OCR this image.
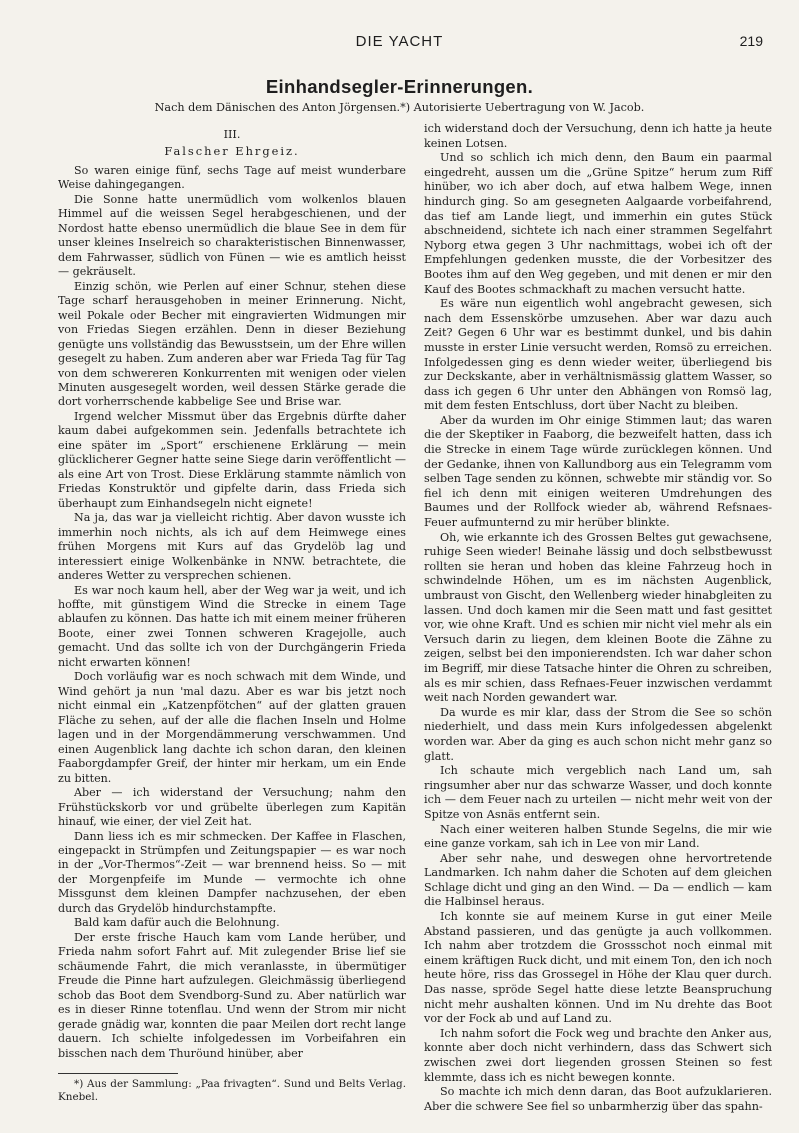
DIE YACHT	219
Einhandsegler-Erinnerungen.
Nach dem Dänischen des Anton Jörgensen.*) Autorisierte Uebertragung von W. Jacob.
III.
Falscher Ehrgeiz.

So waren einige fünf, sechs Tage auf meist wunderbare Weise dahingegangen.

Die Sonne hatte unermüdlich vom wolkenlos blauen Himmel auf die weissen Segel herabgeschienen, und der Nordost hatte ebenso unermüdlich die blaue See in dem für unser kleines Inselreich so charakteristischen Binnenwasser, dem Fahrwasser, südlich von Fünen — wie es amtlich heisst — gekräuselt.

Einzig schön, wie Perlen auf einer Schnur, stehen diese Tage scharf herausgehoben in meiner Erinnerung. Nicht, weil Pokale oder Becher mit eingravierten Widmungen mir von Friedas Siegen erzählen. Denn in dieser Beziehung genügte uns vollständig das Bewusstsein, um der Ehre willen gesegelt zu haben. Zum anderen aber war Frieda Tag für Tag von dem schwereren Konkurrenten mit wenigen oder vielen Minuten ausgesegelt worden, weil dessen Stärke gerade die dort vorherrschende kabbelige See und Brise war.

Irgend welcher Missmut über das Ergebnis dürfte daher kaum dabei aufgekommen sein. Jedenfalls betrachtete ich eine später im „Sport“ erschienene Erklärung — mein glücklicherer Gegner hatte seine Siege darin veröffentlicht — als eine Art von Trost. Diese Erklärung stammte nämlich von Friedas Konstruktör und gipfelte darin, dass Frieda sich überhaupt zum Einhandsegeln nicht eignete!

Na ja, das war ja vielleicht richtig. Aber davon wusste ich immerhin noch nichts, als ich auf dem Heimwege eines frühen Morgens mit Kurs auf das Grydelöb lag und interessiert einige Wolkenbänke in NNW. betrachtete, die anderes Wetter zu versprechen schienen.

Es war noch kaum hell, aber der Weg war ja weit, und ich hoffte, mit günstigem Wind die Strecke in einem Tage ablaufen zu können. Das hatte ich mit einem meiner früheren Boote, einer zwei Tonnen schweren Kragejolle, auch gemacht. Und das sollte ich von der Durchgängerin Frieda nicht erwarten können!

Doch vorläufig war es noch schwach mit dem Winde, und Wind gehört ja nun 'mal dazu. Aber es war bis jetzt noch nicht einmal ein „Katzenpfötchen“ auf der glatten grauen Fläche zu sehen, auf der alle die flachen Inseln und Holme lagen und in der Morgendämmerung verschwammen. Und einen Augenblick lang dachte ich schon daran, den kleinen Faaborgdampfer Greif, der hinter mir herkam, um ein Ende zu bitten.

Aber — ich widerstand der Versuchung; nahm den Frühstückskorb vor und grübelte überlegen zum Kapitän hinauf, wie einer, der viel Zeit hat.

Dann liess ich es mir schmecken. Der Kaffee in Flaschen, eingepackt in Strümpfen und Zeitungspapier — es war noch in der „Vor-Thermos“-Zeit — war brennend heiss. So — mit der Morgenpfeife im Munde — vermochte ich ohne Missgunst dem kleinen Dampfer nachzusehen, der eben durch das Grydelöb hindurchstampfte.

Bald kam dafür auch die Belohnung.

Der erste frische Hauch kam vom Lande herüber, und Frieda nahm sofort Fahrt auf. Mit zulegender Brise lief sie schäumende Fahrt, die mich veranlasste, in übermütiger Freude die Pinne hart aufzulegen. Gleichmässig überliegend schob das Boot dem Svendborg-Sund zu. Aber natürlich war es in dieser Rinne totenflau. Und wenn der Strom mir nicht gerade gnädig war, konnten die paar Meilen dort recht lange dauern. Ich schielte infolgedessen im Vorbeifahren ein bisschen nach dem Thuröund hinüber, aber

*) Aus der Sammlung: „Paa frivagten“. Sund und Belts Verlag. Knebel.

ich widerstand doch der Versuchung, denn ich hatte ja heute keinen Lotsen.

Und so schlich ich mich denn, den Baum ein paarmal eingedreht, aussen um die „Grüne Spitze“ herum zum Riff hinüber, wo ich aber doch, auf etwa halbem Wege, innen hindurch ging. So am gesegneten Aalgaarde vorbeifahrend, das tief am Lande liegt, und immerhin ein gutes Stück abschneidend, sichtete ich nach einer strammen Segelfahrt Nyborg etwa gegen 3 Uhr nachmittags, wobei ich oft der Empfehlungen gedenken musste, die der Vorbesitzer des Bootes ihm auf den Weg gegeben, und mit denen er mir den Kauf des Bootes schmackhaft zu machen versucht hatte.

Es wäre nun eigentlich wohl angebracht gewesen, sich nach dem Essenskörbe umzusehen. Aber war dazu auch Zeit? Gegen 6 Uhr war es bestimmt dunkel, und bis dahin musste in erster Linie versucht werden, Romsö zu erreichen. Infolgedessen ging es denn wieder weiter, überliegend bis zur Deckskante, aber in verhältnismässig glattem Wasser, so dass ich gegen 6 Uhr unter den Abhängen von Romsö lag, mit dem festen Entschluss, dort über Nacht zu bleiben.

Aber da wurden im Ohr einige Stimmen laut; das waren die der Skeptiker in Faaborg, die bezweifelt hatten, dass ich die Strecke in einem Tage würde zurücklegen können. Und der Gedanke, ihnen von Kallundborg aus ein Telegramm vom selben Tage senden zu können, schwebte mir ständig vor. So fiel ich denn mit einigen weiteren Umdrehungen des Baumes und der Rollfock wieder ab, während Refsnaes-Feuer aufmunternd zu mir herüber blinkte.

Oh, wie erkannte ich des Grossen Beltes gut gewachsene, ruhige Seen wieder! Beinahe lässig und doch selbstbewusst rollten sie heran und hoben das kleine Fahrzeug hoch in schwindelnde Höhen, um es im nächsten Augenblick, umbraust von Gischt, den Wellenberg wieder hinabgleiten zu lassen. Und doch kamen mir die Seen matt und fast gesittet vor, wie ohne Kraft. Und es schien mir nicht viel mehr als ein Versuch darin zu liegen, dem kleinen Boote die Zähne zu zeigen, selbst bei den imponierendsten. Ich war daher schon im Begriff, mir diese Tatsache hinter die Ohren zu schreiben, als es mir schien, dass Refnaes-Feuer inzwischen verdammt weit nach Norden gewandert war.

Da wurde es mir klar, dass der Strom die See so schön niederhielt, und dass mein Kurs infolgedessen abgelenkt worden war. Aber da ging es auch schon nicht mehr ganz so glatt.

Ich schaute mich vergeblich nach Land um, sah ringsumher aber nur das schwarze Wasser, und doch konnte ich — dem Feuer nach zu urteilen — nicht mehr weit von der Spitze von Asnäs entfernt sein.

Nach einer weiteren halben Stunde Segelns, die mir wie eine ganze vorkam, sah ich in Lee von mir Land.

Aber sehr nahe, und deswegen ohne hervortretende Landmarken. Ich nahm daher die Schoten auf dem gleichen Schlage dicht und ging an den Wind. — Da — endlich — kam die Halbinsel heraus.

Ich konnte sie auf meinem Kurse in gut einer Meile Abstand passieren, und das genügte ja auch vollkommen. Ich nahm aber trotzdem die Grossschot noch einmal mit einem kräftigen Ruck dicht, und mit einem Ton, den ich noch heute höre, riss das Grossegel in Höhe der Klau quer durch. Das nasse, spröde Segel hatte diese letzte Beanspruchung nicht mehr aushalten können. Und im Nu drehte das Boot vor der Fock ab und auf Land zu.

Ich nahm sofort die Fock weg und brachte den Anker aus, konnte aber doch nicht verhindern, dass das Schwert sich zwischen zwei dort liegenden grossen Steinen so fest klemmte, dass ich es nicht bewegen konnte.

So machte ich mich denn daran, das Boot aufzuklarieren. Aber die schwere See fiel so unbarmherzig über das spahn-
